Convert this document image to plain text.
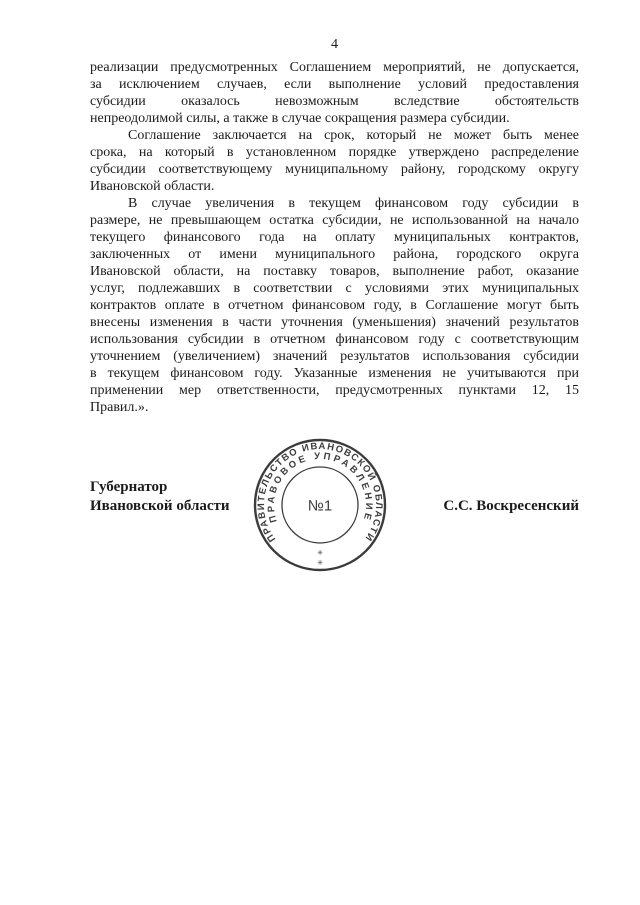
4
реализации предусмотренных Соглашением мероприятий, не допускается,
за исключением случаев, если выполнение условий предоставления
субсидии оказалось невозможным вследствие обстоятельств
непреодолимой силы, а также в случае сокращения размера субсидии.
Соглашение заключается на срок, который не может быть менее
срока, на который в установленном порядке утверждено распределение
субсидии соответствующему муниципальному району, городскому округу
Ивановской области.
В случае увеличения в текущем финансовом году субсидии в
размере, не превышающем остатка субсидии, не использованной на начало
текущего финансового года на оплату муниципальных контрактов,
заключенных от имени муниципального района, городского округа
Ивановской области, на поставку товаров, выполнение работ, оказание
услуг, подлежавших в соответствии с условиями этих муниципальных
контрактов оплате в отчетном финансовом году, в Соглашение могут быть
внесены изменения в части уточнения (уменьшения) значений результатов
использования субсидии в отчетном финансовом году с соответствующим
уточнением (увеличением) значений результатов использования субсидии
в текущем финансовом году. Указанные изменения не учитываются при
применении мер ответственности, предусмотренных пунктами 12, 15
Правил.».
Губернатор
Ивановской области	С.С. Воскресенский
ПРАВИТЕЛЬСТВО ИВАНОВСКОЙ ОБЛАСТИ
ПРАВОВОЕ УПРАВЛЕНИЕ
№1
✳
✳
